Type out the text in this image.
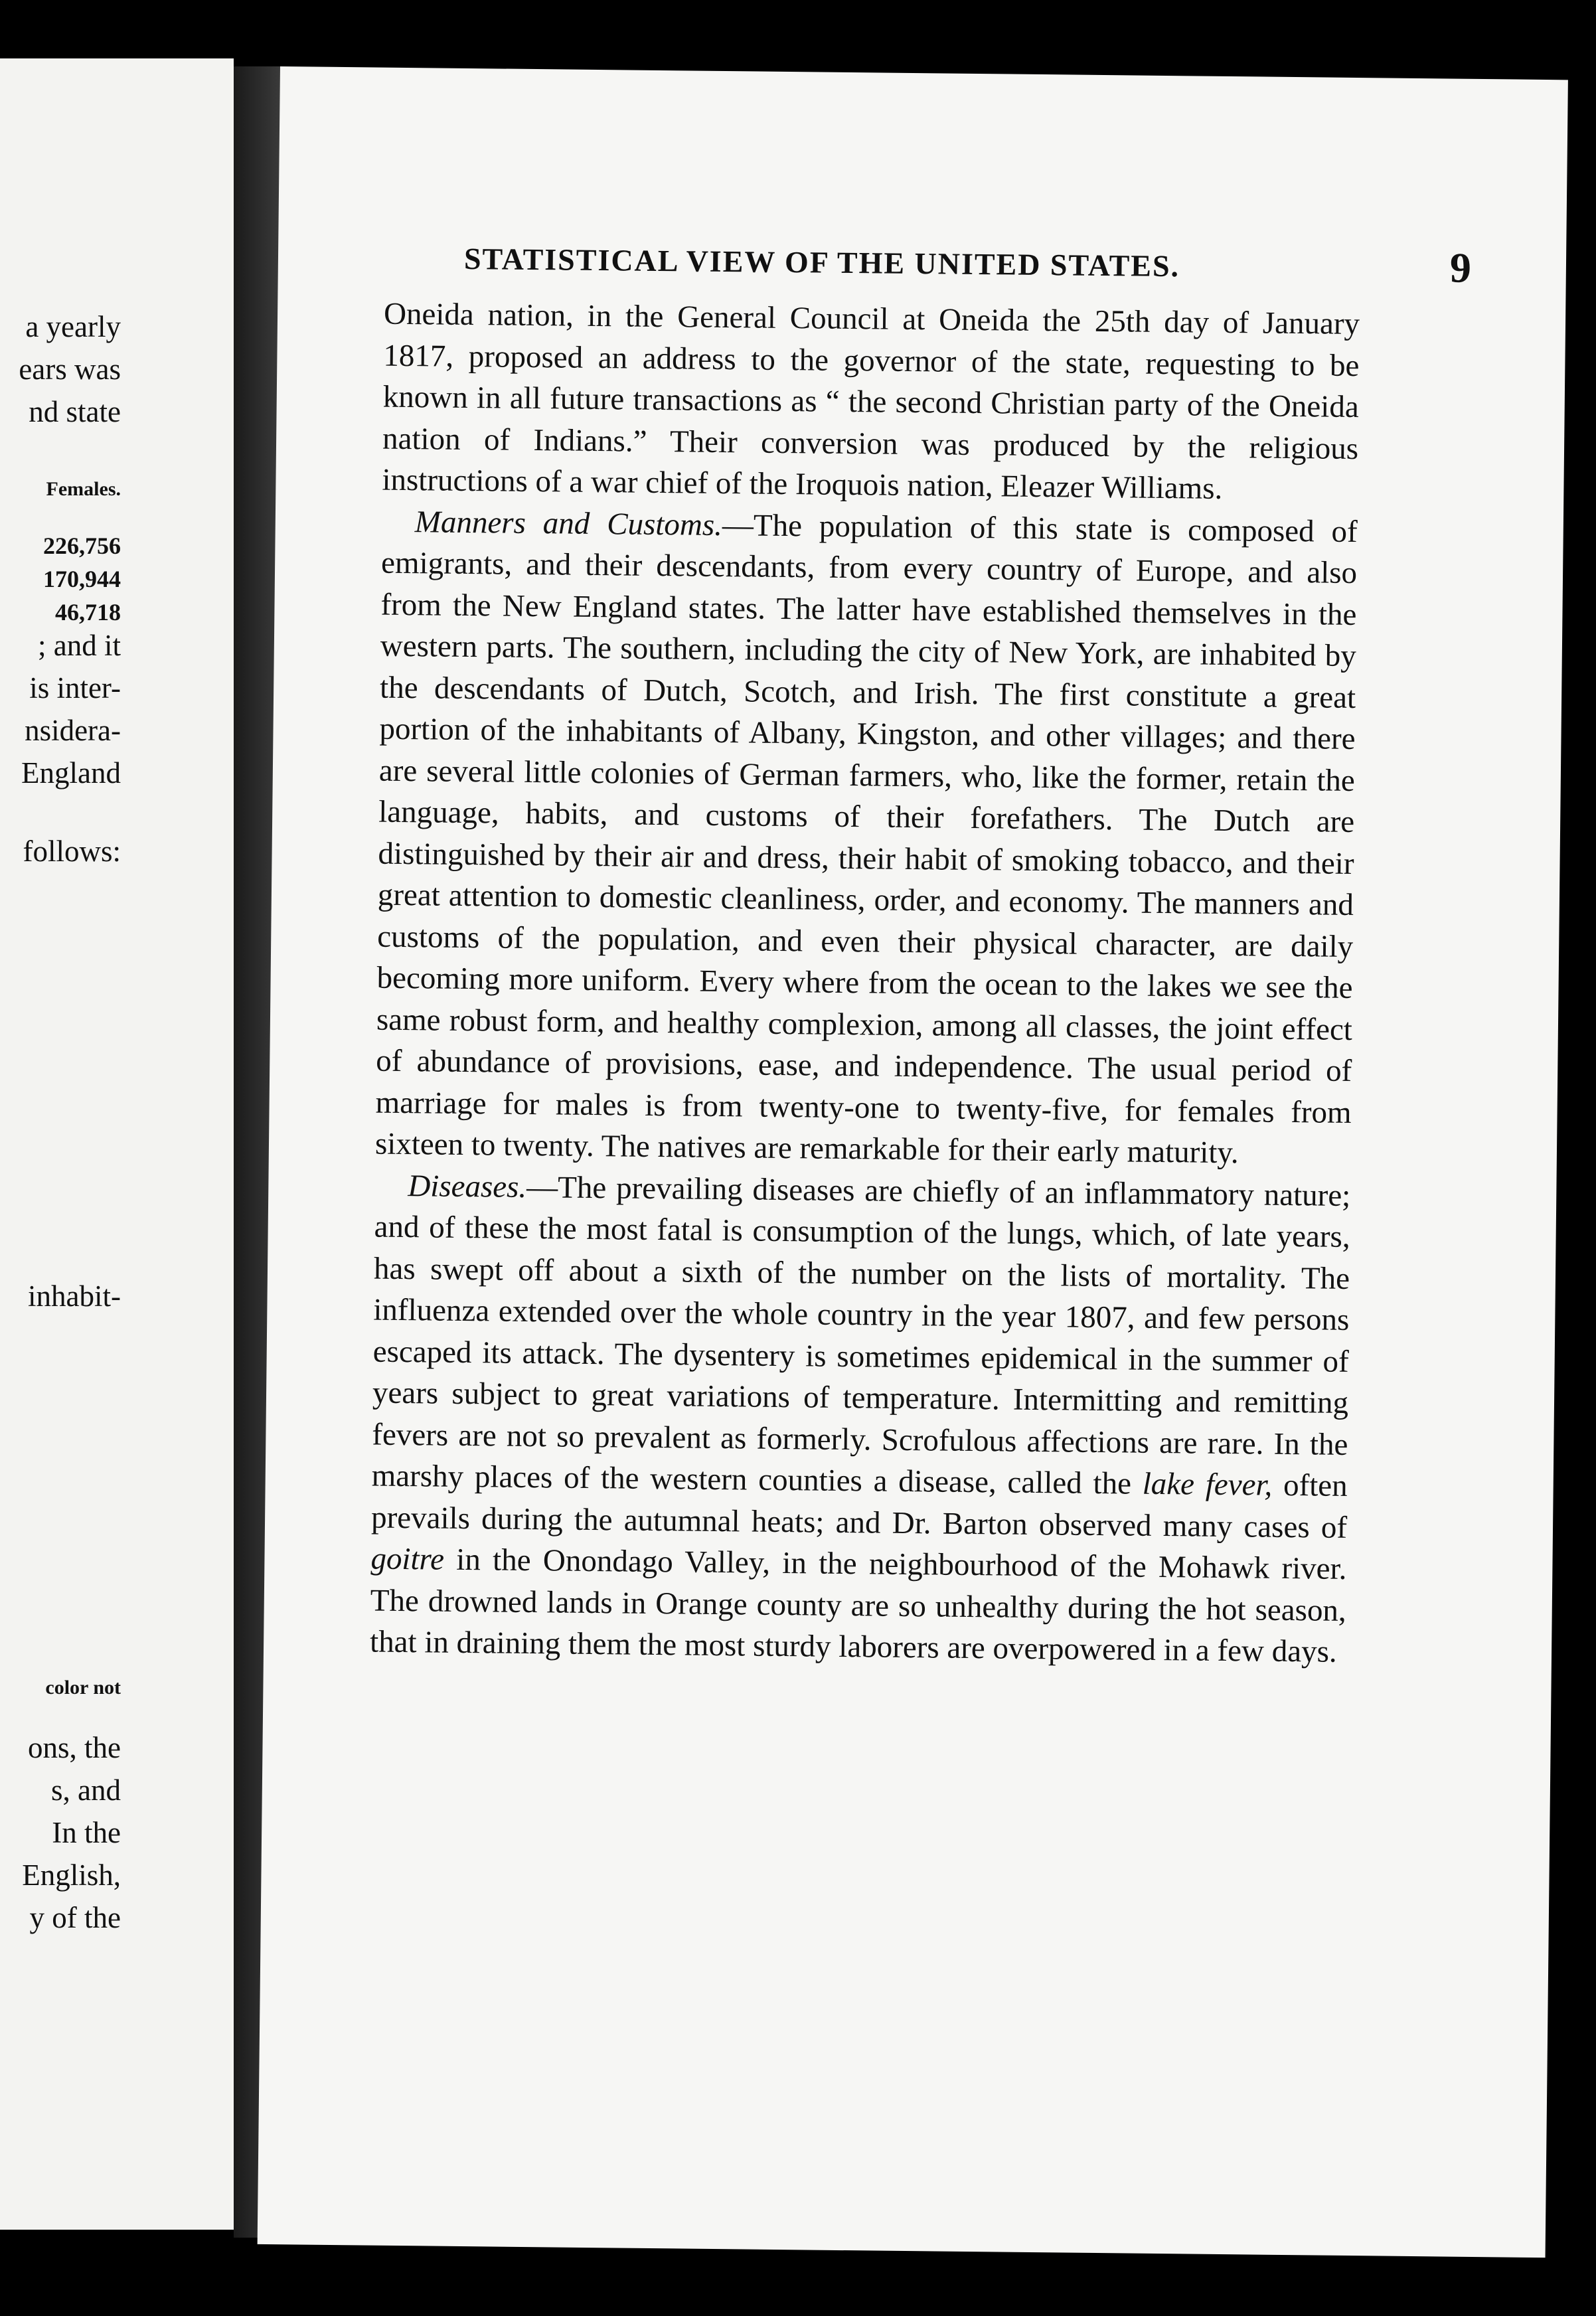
a yearly
ears was
nd state
Females.
226,756
170,944
46,718
; and it
is inter-
nsidera-
England
follows:
inhabit-
color not
ons, the
s, and
In the
English,
y of the
STATISTICAL VIEW OF THE UNITED STATES.	9

Oneida nation, in the General Council at Oneida the 25th day of January 1817, proposed an address to the governor of the state, requesting to be known in all future transactions as “ the second Christian party of the Oneida nation of Indians.” Their conversion was produced by the religious instructions of a war chief of the Iroquois nation, Eleazer Williams.

Manners and Customs.—The population of this state is composed of emigrants, and their descendants, from every country of Europe, and also from the New England states. The latter have established themselves in the western parts. The southern, including the city of New York, are inhabited by the descendants of Dutch, Scotch, and Irish. The first constitute a great portion of the inhabitants of Albany, Kingston, and other villages; and there are several little colonies of German farmers, who, like the former, retain the language, habits, and customs of their forefathers. The Dutch are distinguished by their air and dress, their habit of smoking tobacco, and their great attention to domestic cleanliness, order, and economy. The manners and customs of the population, and even their physical character, are daily becoming more uniform. Every where from the ocean to the lakes we see the same robust form, and healthy complexion, among all classes, the joint effect of abundance of provisions, ease, and independence. The usual period of marriage for males is from twenty-one to twenty-five, for females from sixteen to twenty. The natives are remarkable for their early maturity.

Diseases.—The prevailing diseases are chiefly of an inflammatory nature; and of these the most fatal is consumption of the lungs, which, of late years, has swept off about a sixth of the number on the lists of mortality. The influenza extended over the whole country in the year 1807, and few persons escaped its attack. The dysentery is sometimes epidemical in the summer of years subject to great variations of temperature. Intermitting and remitting fevers are not so prevalent as formerly. Scrofulous affections are rare. In the marshy places of the western counties a disease, called the lake fever, often prevails during the autumnal heats; and Dr. Barton observed many cases of goitre in the Onondago Valley, in the neighbourhood of the Mohawk river. The drowned lands in Orange county are so unhealthy during the hot season, that in draining them the most sturdy laborers are overpowered in a few days.
